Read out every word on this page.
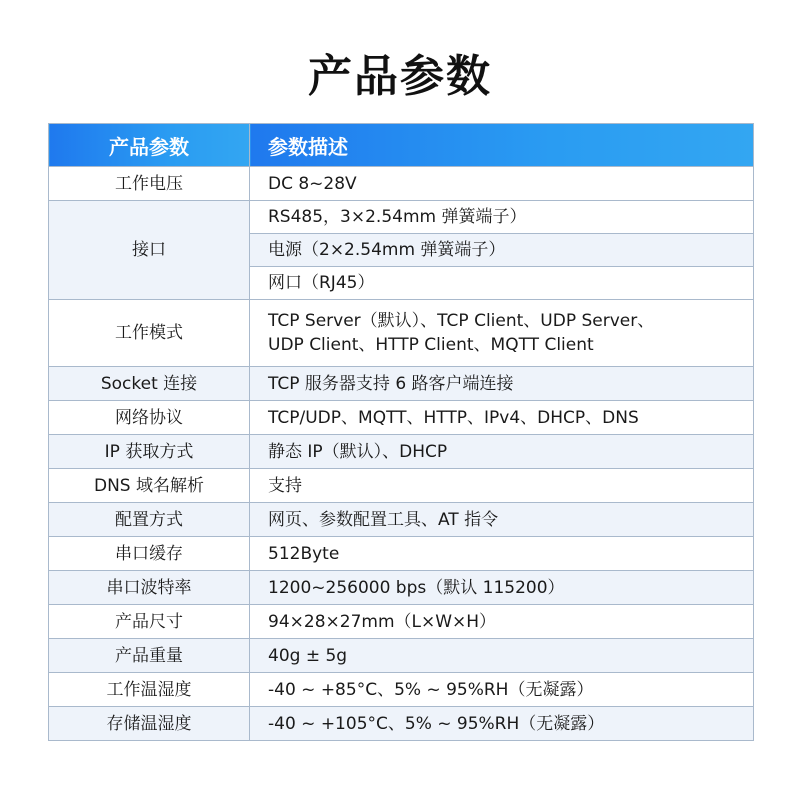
产品参数
产品参数	参数描述
工作电压	DC 8~28V
接口	RS485，3×2.54mm 弹簧端子）
	电源（2×2.54mm 弹簧端子）
	网口（RJ45）
工作模式	TCP Server（默认）、TCP Client、UDP Server、
UDP Client、HTTP Client、MQTT Client

Socket 连接	TCP 服务器支持 6 路客户端连接
网络协议	TCP/UDP、MQTT、HTTP、IPv4、DHCP、DNS
IP 获取方式	静态 IP（默认）、DHCP
DNS 域名解析	支持
配置方式	网页、参数配置工具、AT 指令
串口缓存	512Byte
串口波特率	1200~256000 bps（默认 115200）
产品尺寸	94×28×27mm（L×W×H）
产品重量	40g ± 5g
工作温湿度	-40 ~ +85°C、5% ~ 95%RH（无凝露）
存储温湿度	-40 ~ +105°C、5% ~ 95%RH（无凝露）
